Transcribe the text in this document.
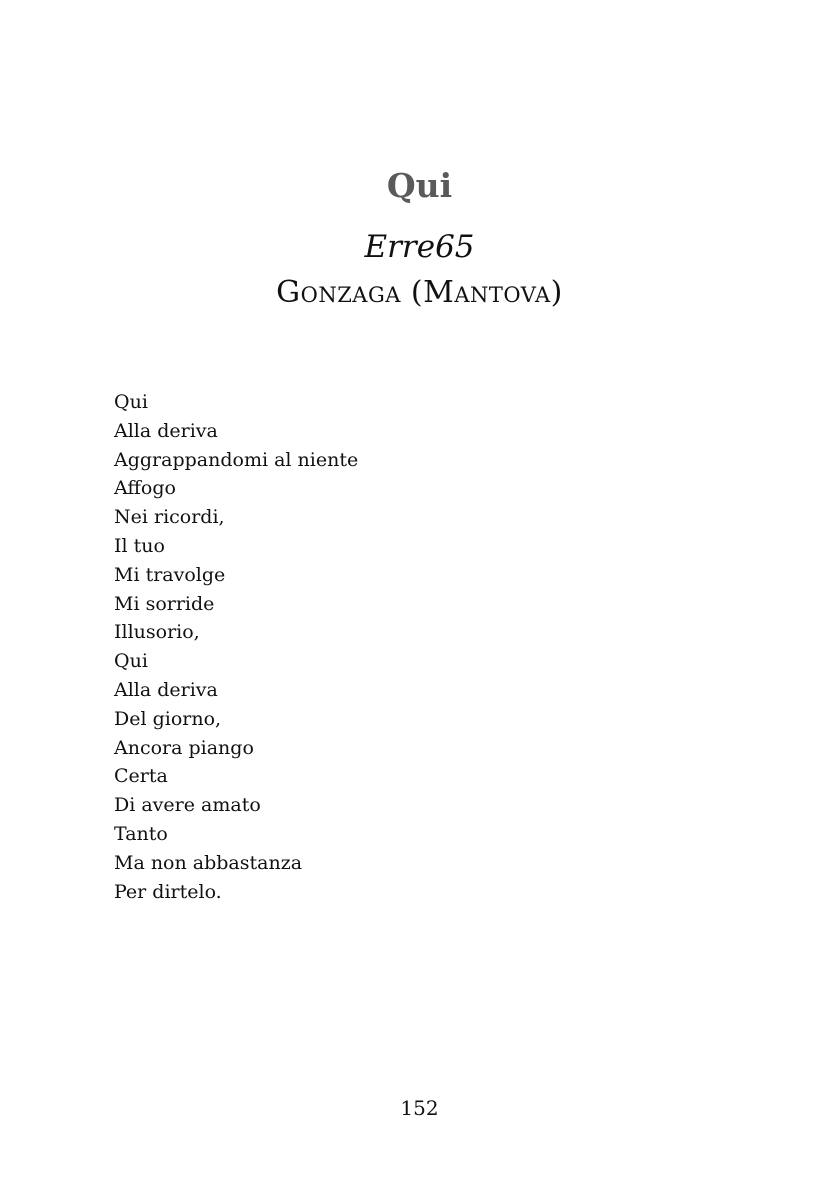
Qui
Erre65
Gonzaga (Mantova)
Qui
Alla deriva
Aggrappandomi al niente
Affogo
Nei ricordi,
Il tuo
Mi travolge
Mi sorride
Illusorio,
Qui
Alla deriva
Del giorno,
Ancora piango
Certa
Di avere amato
Tanto
Ma non abbastanza
Per dirtelo.
152
